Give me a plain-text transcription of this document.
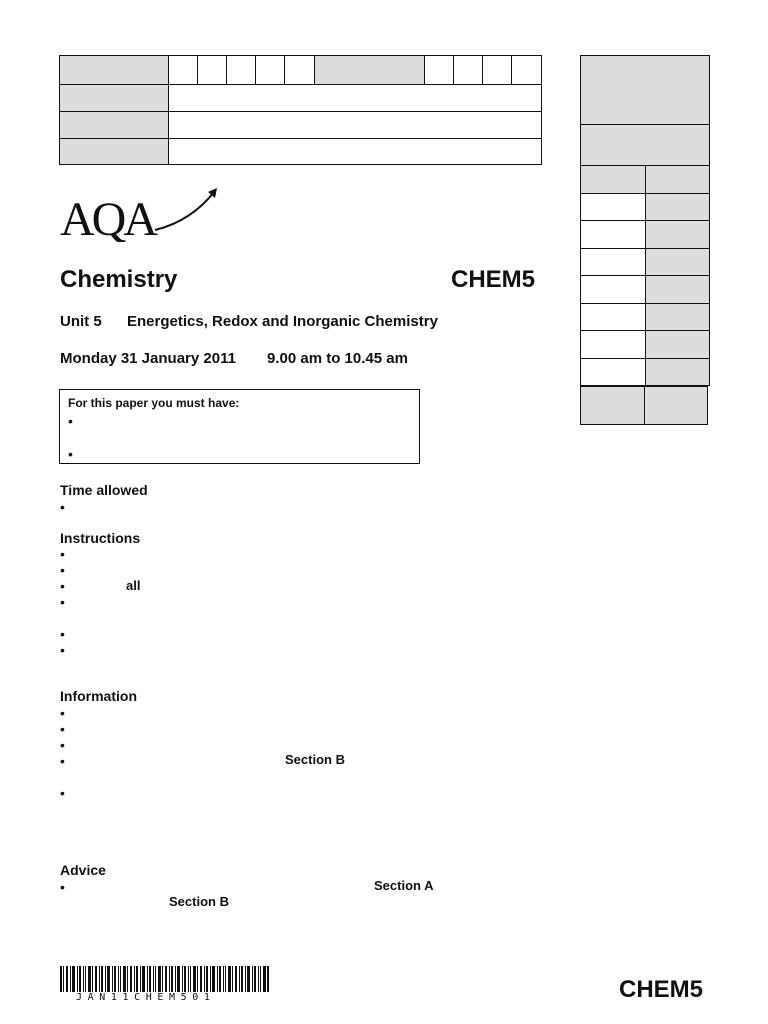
AQA
Chemistry	CHEM5
Unit 5 Energetics, Redox and Inorganic Chemistry
Monday 31 January 2011 9.00 am to 10.45 am
For this paper you must have:
•
•
Time allowed
•
Instructions
•
•
•	all
•
•
•
Information
•
•
•
•	Section B
•
Advice
•	Section A
Section B
JAN11CHEM501	CHEM5
